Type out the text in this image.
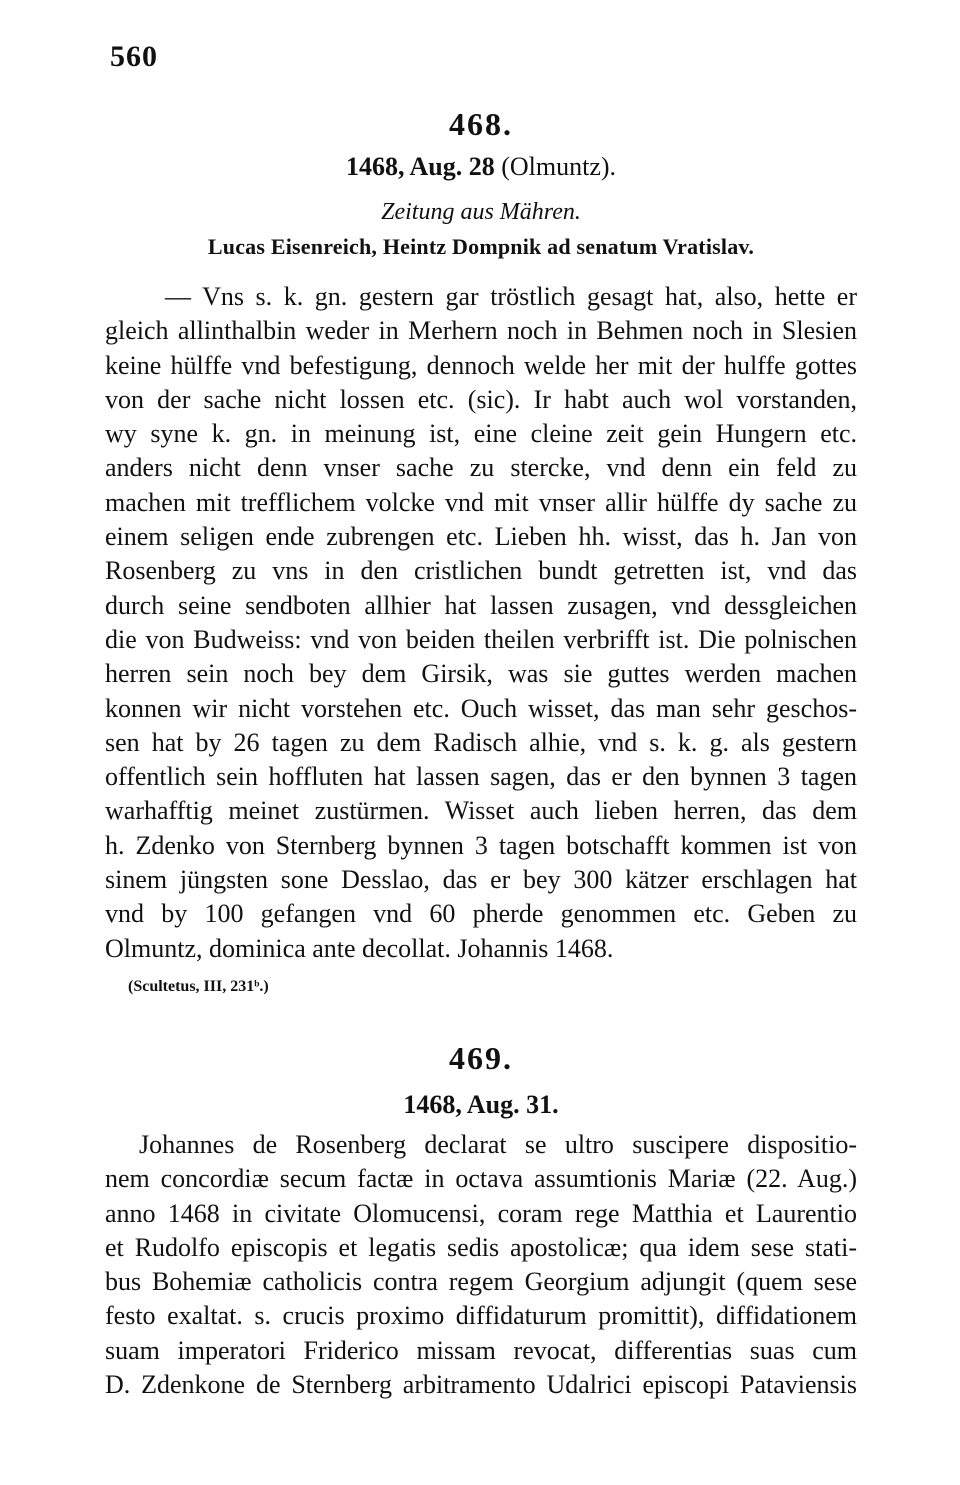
560
468.
1468, Aug. 28 (Olmuntz).
Zeitung aus Mähren.
Lucas Eisenreich, Heintz Dompnik ad senatum Vratislav.
— Vns s. k. gn. gestern gar tröstlich gesagt hat, also, hette er
gleich allinthalbin weder in Merhern noch in Behmen noch in Slesien
keine hülffe vnd befestigung, dennoch welde her mit der hulffe gottes
von der sache nicht lossen etc. (sic). Ir habt auch wol vorstanden,
wy syne k. gn. in meinung ist, eine cleine zeit gein Hungern etc.
anders nicht denn vnser sache zu stercke, vnd denn ein feld zu
machen mit trefflichem volcke vnd mit vnser allir hülffe dy sache zu
einem seligen ende zubrengen etc. Lieben hh. wisst, das h. Jan von
Rosenberg zu vns in den cristlichen bundt getretten ist, vnd das
durch seine sendboten allhier hat lassen zusagen, vnd dessgleichen
die von Budweiss: vnd von beiden theilen verbrifft ist. Die polnischen
herren sein noch bey dem Girsik, was sie guttes werden machen
konnen wir nicht vorstehen etc. Ouch wisset, das man sehr geschos-
sen hat by 26 tagen zu dem Radisch alhie, vnd s. k. g. als gestern
offentlich sein hoffluten hat lassen sagen, das er den bynnen 3 tagen
warhafftig meinet zustürmen. Wisset auch lieben herren, das dem
h. Zdenko von Sternberg bynnen 3 tagen botschafft kommen ist von
sinem jüngsten sone Desslao, das er bey 300 kätzer erschlagen hat
vnd by 100 gefangen vnd 60 pherde genommen etc. Geben zu
Olmuntz, dominica ante decollat. Johannis 1468.
(Scultetus, III, 231ᵇ.)
469.
1468, Aug. 31.
Johannes de Rosenberg declarat se ultro suscipere dispositio-
nem concordiæ secum factæ in octava assumtionis Mariæ (22. Aug.)
anno 1468 in civitate Olomucensi, coram rege Matthia et Laurentio
et Rudolfo episcopis et legatis sedis apostolicæ; qua idem sese stati-
bus Bohemiæ catholicis contra regem Georgium adjungit (quem sese
festo exaltat. s. crucis proximo diffidaturum promittit), diffidationem
suam imperatori Friderico missam revocat, differentias suas cum
D. Zdenkone de Sternberg arbitramento Udalrici episcopi Pataviensis
